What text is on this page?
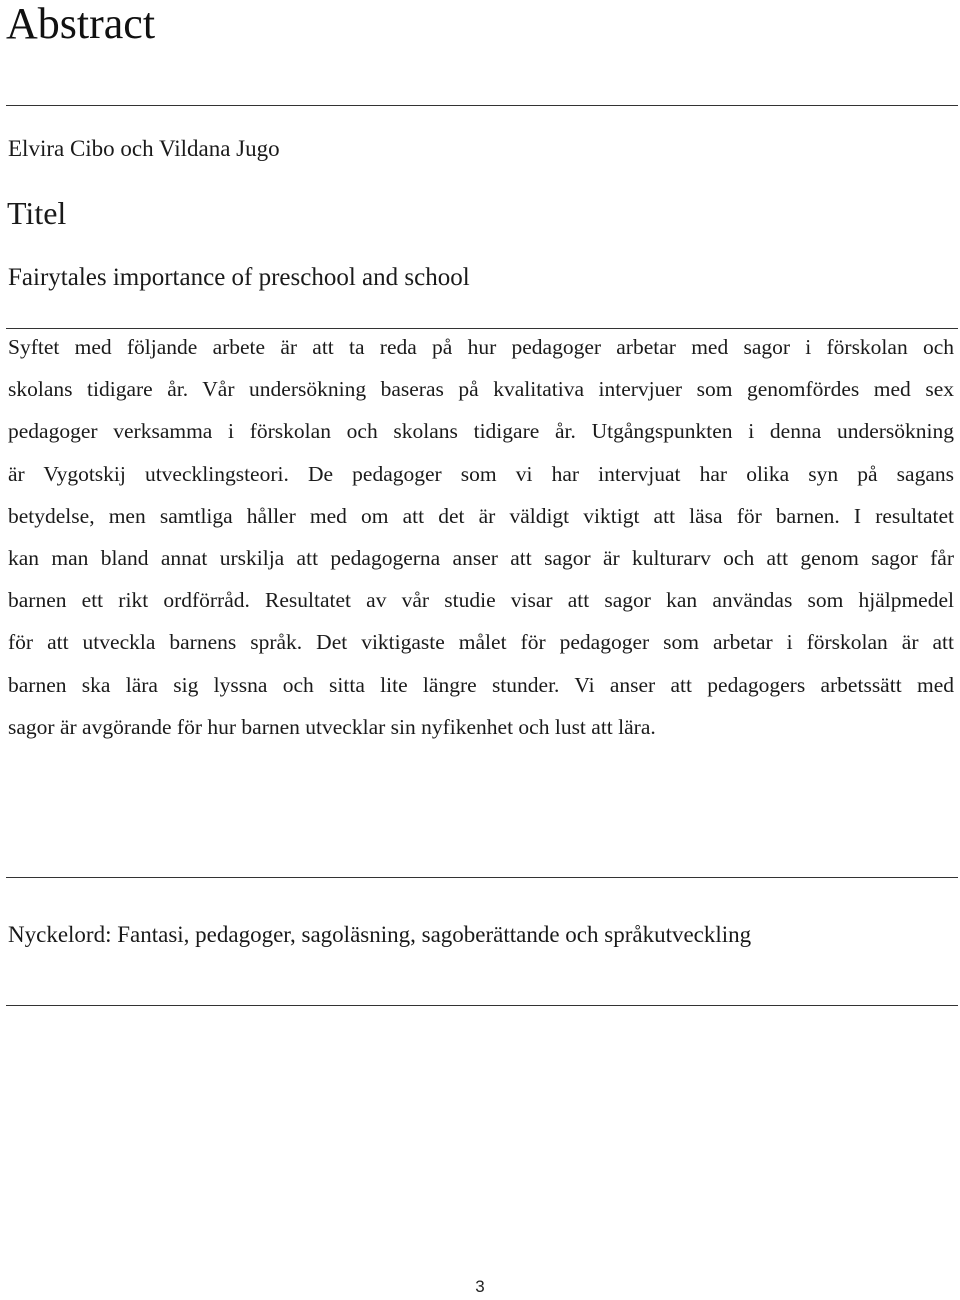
Abstract
Elvira Cibo och Vildana Jugo
Titel
Fairytales importance of preschool and school
Syftet med följande arbete är att ta reda på hur pedagoger arbetar med sagor i förskolan och
skolans tidigare år. Vår undersökning baseras på kvalitativa intervjuer som genomfördes med sex
pedagoger verksamma i förskolan och skolans tidigare år. Utgångspunkten i denna undersökning
är Vygotskij utvecklingsteori. De pedagoger som vi har intervjuat har olika syn på sagans
betydelse, men samtliga håller med om att det är väldigt viktigt att läsa för barnen. I resultatet
kan man bland annat urskilja att pedagogerna anser att sagor är kulturarv och att genom sagor får
barnen ett rikt ordförråd. Resultatet av vår studie visar att sagor kan användas som hjälpmedel
för att utveckla barnens språk. Det viktigaste målet för pedagoger som arbetar i förskolan är att
barnen ska lära sig lyssna och sitta lite längre stunder. Vi anser att pedagogers arbetssätt med
sagor är avgörande för hur barnen utvecklar sin nyfikenhet och lust att lära.
Nyckelord: Fantasi, pedagoger, sagoläsning, sagoberättande och språkutveckling
3
